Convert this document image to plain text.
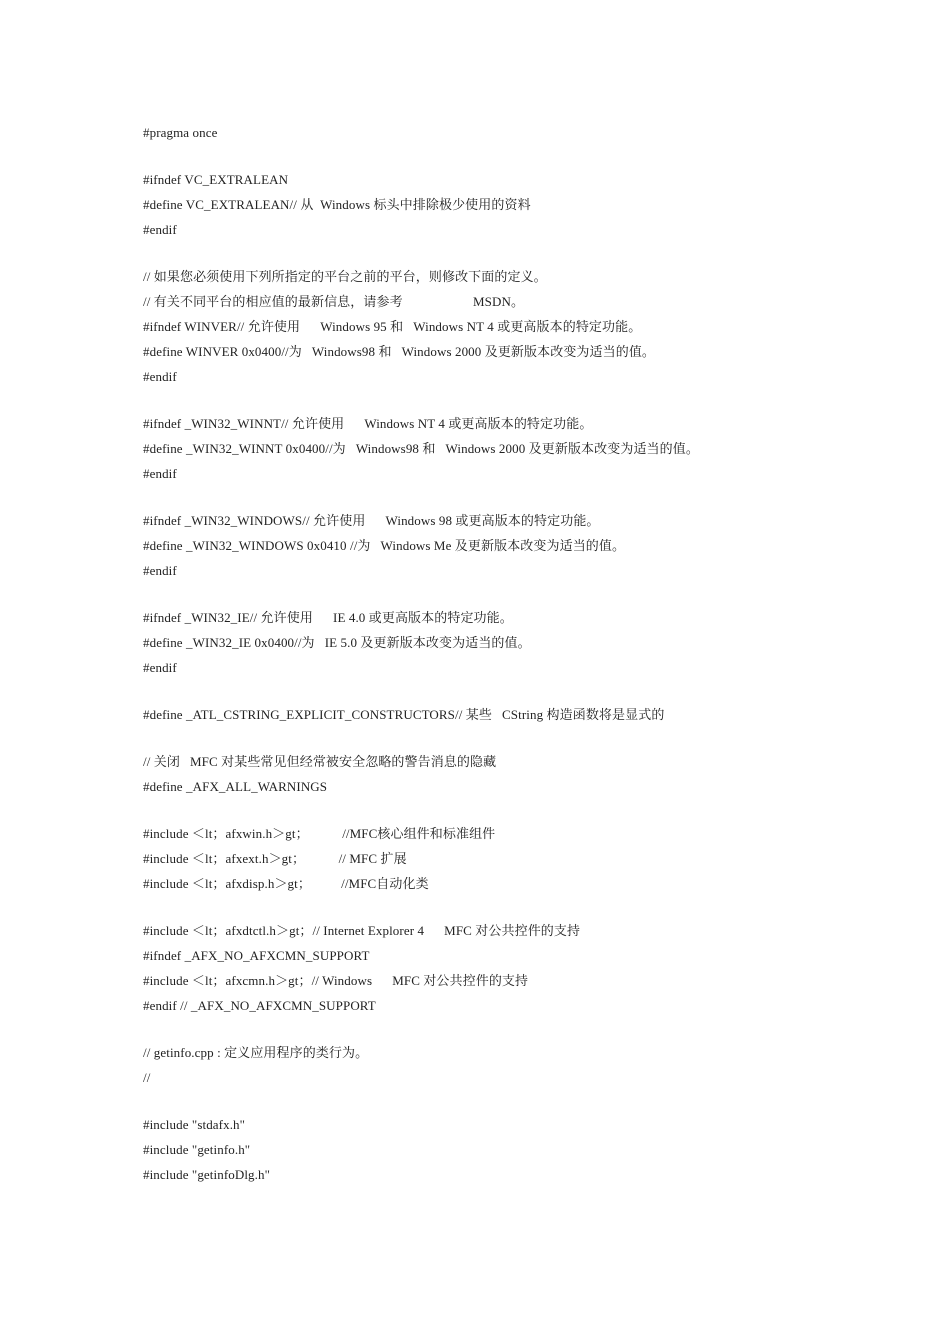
#pragma once
#ifndef VC_EXTRALEAN
#define VC_EXTRALEAN// 从  Windows 标头中排除极少使用的资料
#endif
// 如果您必须使用下列所指定的平台之前的平台，则修改下面的定义。
// 有关不同平台的相应值的最新信息，请参考                     MSDN。
#ifndef WINVER// 允许使用      Windows 95 和   Windows NT 4 或更高版本的特定功能。
#define WINVER 0x0400//为   Windows98 和   Windows 2000 及更新版本改变为适当的值。
#endif
#ifndef _WIN32_WINNT// 允许使用      Windows NT 4 或更高版本的特定功能。
#define _WIN32_WINNT 0x0400//为   Windows98 和   Windows 2000 及更新版本改变为适当的值。
#endif
#ifndef _WIN32_WINDOWS// 允许使用      Windows 98 或更高版本的特定功能。
#define _WIN32_WINDOWS 0x0410 //为   Windows Me 及更新版本改变为适当的值。
#endif
#ifndef _WIN32_IE// 允许使用      IE 4.0 或更高版本的特定功能。
#define _WIN32_IE 0x0400//为   IE 5.0 及更新版本改变为适当的值。
#endif
#define _ATL_CSTRING_EXPLICIT_CONSTRUCTORS// 某些   CString 构造函数将是显式的
// 关闭   MFC 对某些常见但经常被安全忽略的警告消息的隐藏
#define _AFX_ALL_WARNINGS
#include ＜lt；afxwin.h＞gt；          //MFC核心组件和标准组件
#include ＜lt；afxext.h＞gt；          // MFC 扩展
#include ＜lt；afxdisp.h＞gt；         //MFC自动化类
#include ＜lt；afxdtctl.h＞gt；// Internet Explorer 4      MFC 对公共控件的支持
#ifndef _AFX_NO_AFXCMN_SUPPORT
#include ＜lt；afxcmn.h＞gt；// Windows      MFC 对公共控件的支持
#endif // _AFX_NO_AFXCMN_SUPPORT
// getinfo.cpp : 定义应用程序的类行为。
//
#include "stdafx.h"
#include "getinfo.h"
#include "getinfoDlg.h"
